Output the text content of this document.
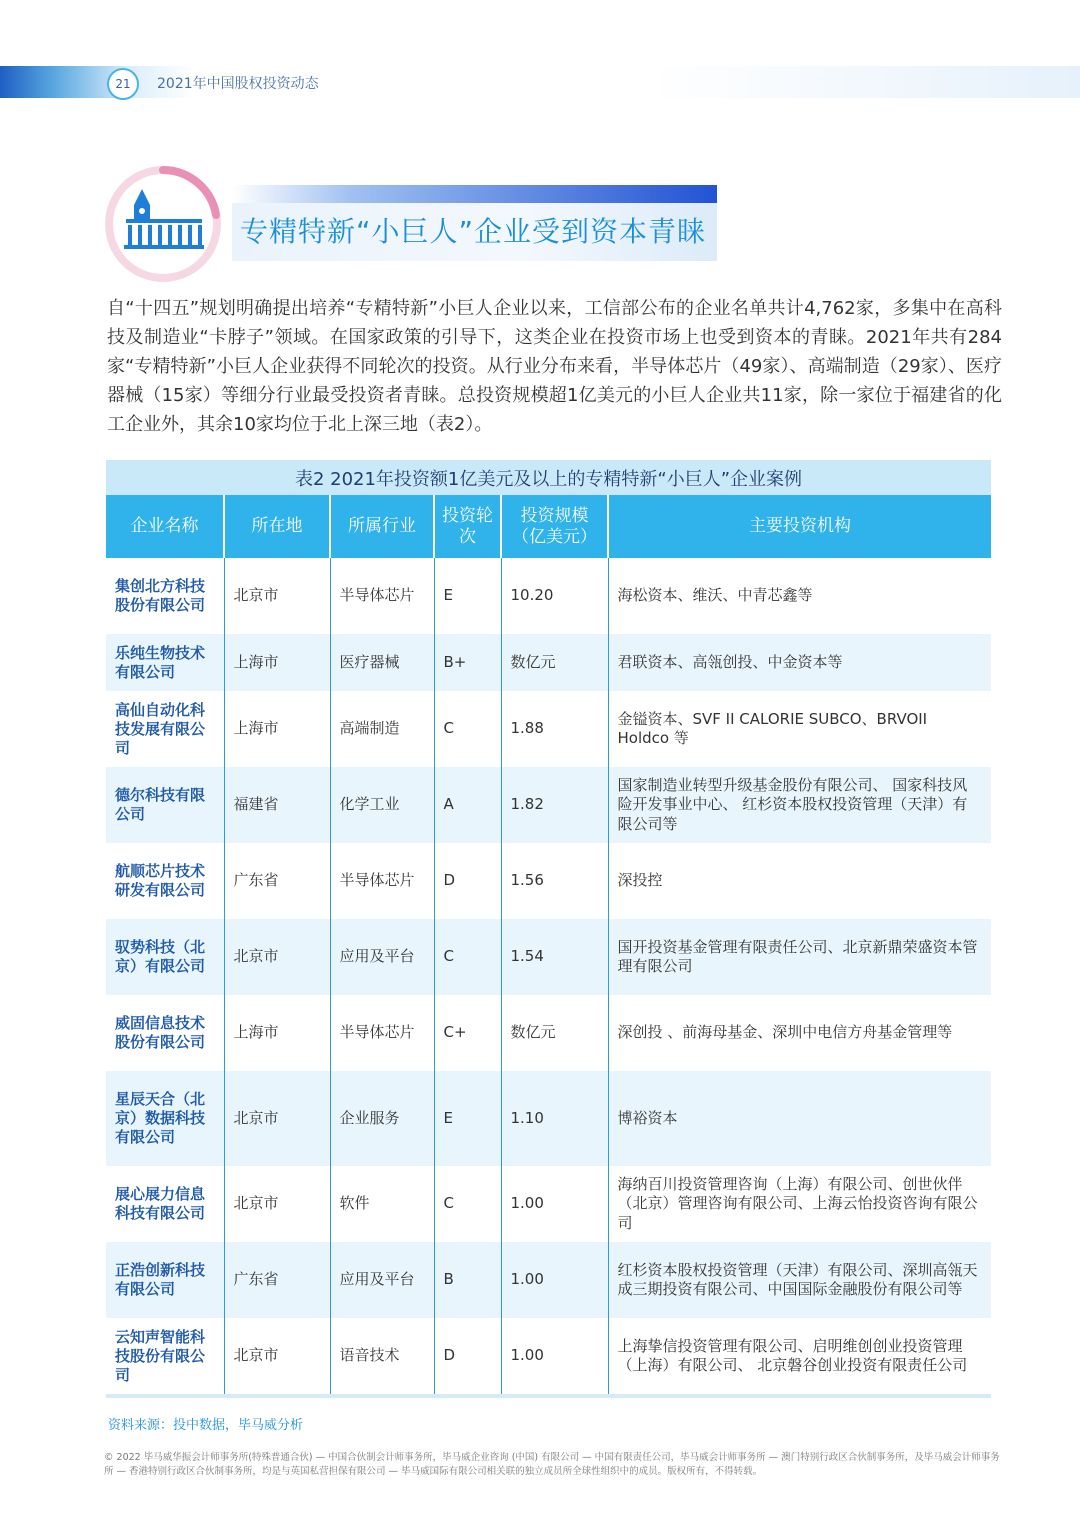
21	2021年中国股权投资动态
专精特新“小巨人”企业受到资本青睐

自“十四五”规划明确提出培养“专精特新”小巨人企业以来，工信部公布的企业名单共计4,762家，多集中在高科技及制造业“卡脖子”领域。在国家政策的引导下，这类企业在投资市场上也受到资本的青睐。2021年共有284家“专精特新”小巨人企业获得不同轮次的投资。从行业分布来看，半导体芯片（49家）、高端制造（29家）、医疗器械（15家）等细分行业最受投资者青睐。总投资规模超1亿美元的小巨人企业共11家，除一家位于福建省的化工企业外，其余10家均位于北上深三地（表2）。

表2 2021年投资额1亿美元及以上的专精特新“小巨人”企业案例
企业名称	所在地	所属行业	投资轮次	投资规模（亿美元）	主要投资机构
集创北方科技股份有限公司	北京市	半导体芯片	E	10.20	海松资本、维沃、中青芯鑫等
乐纯生物技术有限公司	上海市	医疗器械	B+	数亿元	君联资本、高瓴创投、中金资本等
高仙自动化科技发展有限公司	上海市	高端制造	C	1.88	金镒资本、SVF II CALORIE SUBCO、BRVOII Holdco 等
德尔科技有限公司	福建省	化学工业	A	1.82	国家制造业转型升级基金股份有限公司、 国家科技风险开发事业中心、 红杉资本股权投资管理（天津）有限公司等
航顺芯片技术研发有限公司	广东省	半导体芯片	D	1.56	深投控
驭势科技（北京）有限公司	北京市	应用及平台	C	1.54	国开投资基金管理有限责任公司、北京新鼎荣盛资本管理有限公司
威固信息技术股份有限公司	上海市	半导体芯片	C+	数亿元	深创投 、前海母基金、深圳中电信方舟基金管理等
星辰天合（北京）数据科技有限公司	北京市	企业服务	E	1.10	博裕资本
展心展力信息科技有限公司	北京市	软件	C	1.00	海纳百川投资管理咨询（上海）有限公司、创世伙伴（北京）管理咨询有限公司、上海云怡投资咨询有限公司
正浩创新科技有限公司	广东省	应用及平台	B	1.00	红杉资本股权投资管理（天津）有限公司、深圳高瓴天成三期投资有限公司、中国国际金融股份有限公司等
云知声智能科技股份有限公司	北京市	语音技术	D	1.00	上海挚信投资管理有限公司、启明维创创业投资管理（上海）有限公司、 北京磐谷创业投资有限责任公司
资料来源：投中数据，毕马威分析

© 2022 毕马威华振会计师事务所(特殊普通合伙) — 中国合伙制会计师事务所，毕马威企业咨询 (中国) 有限公司 — 中国有限责任公司，毕马威会计师事务所 — 澳门特别行政区合伙制事务所，及毕马威会计师事务所 — 香港特别行政区合伙制事务所，均是与英国私营担保有限公司 — 毕马威国际有限公司相关联的独立成员所全球性组织中的成员。版权所有，不得转载。
